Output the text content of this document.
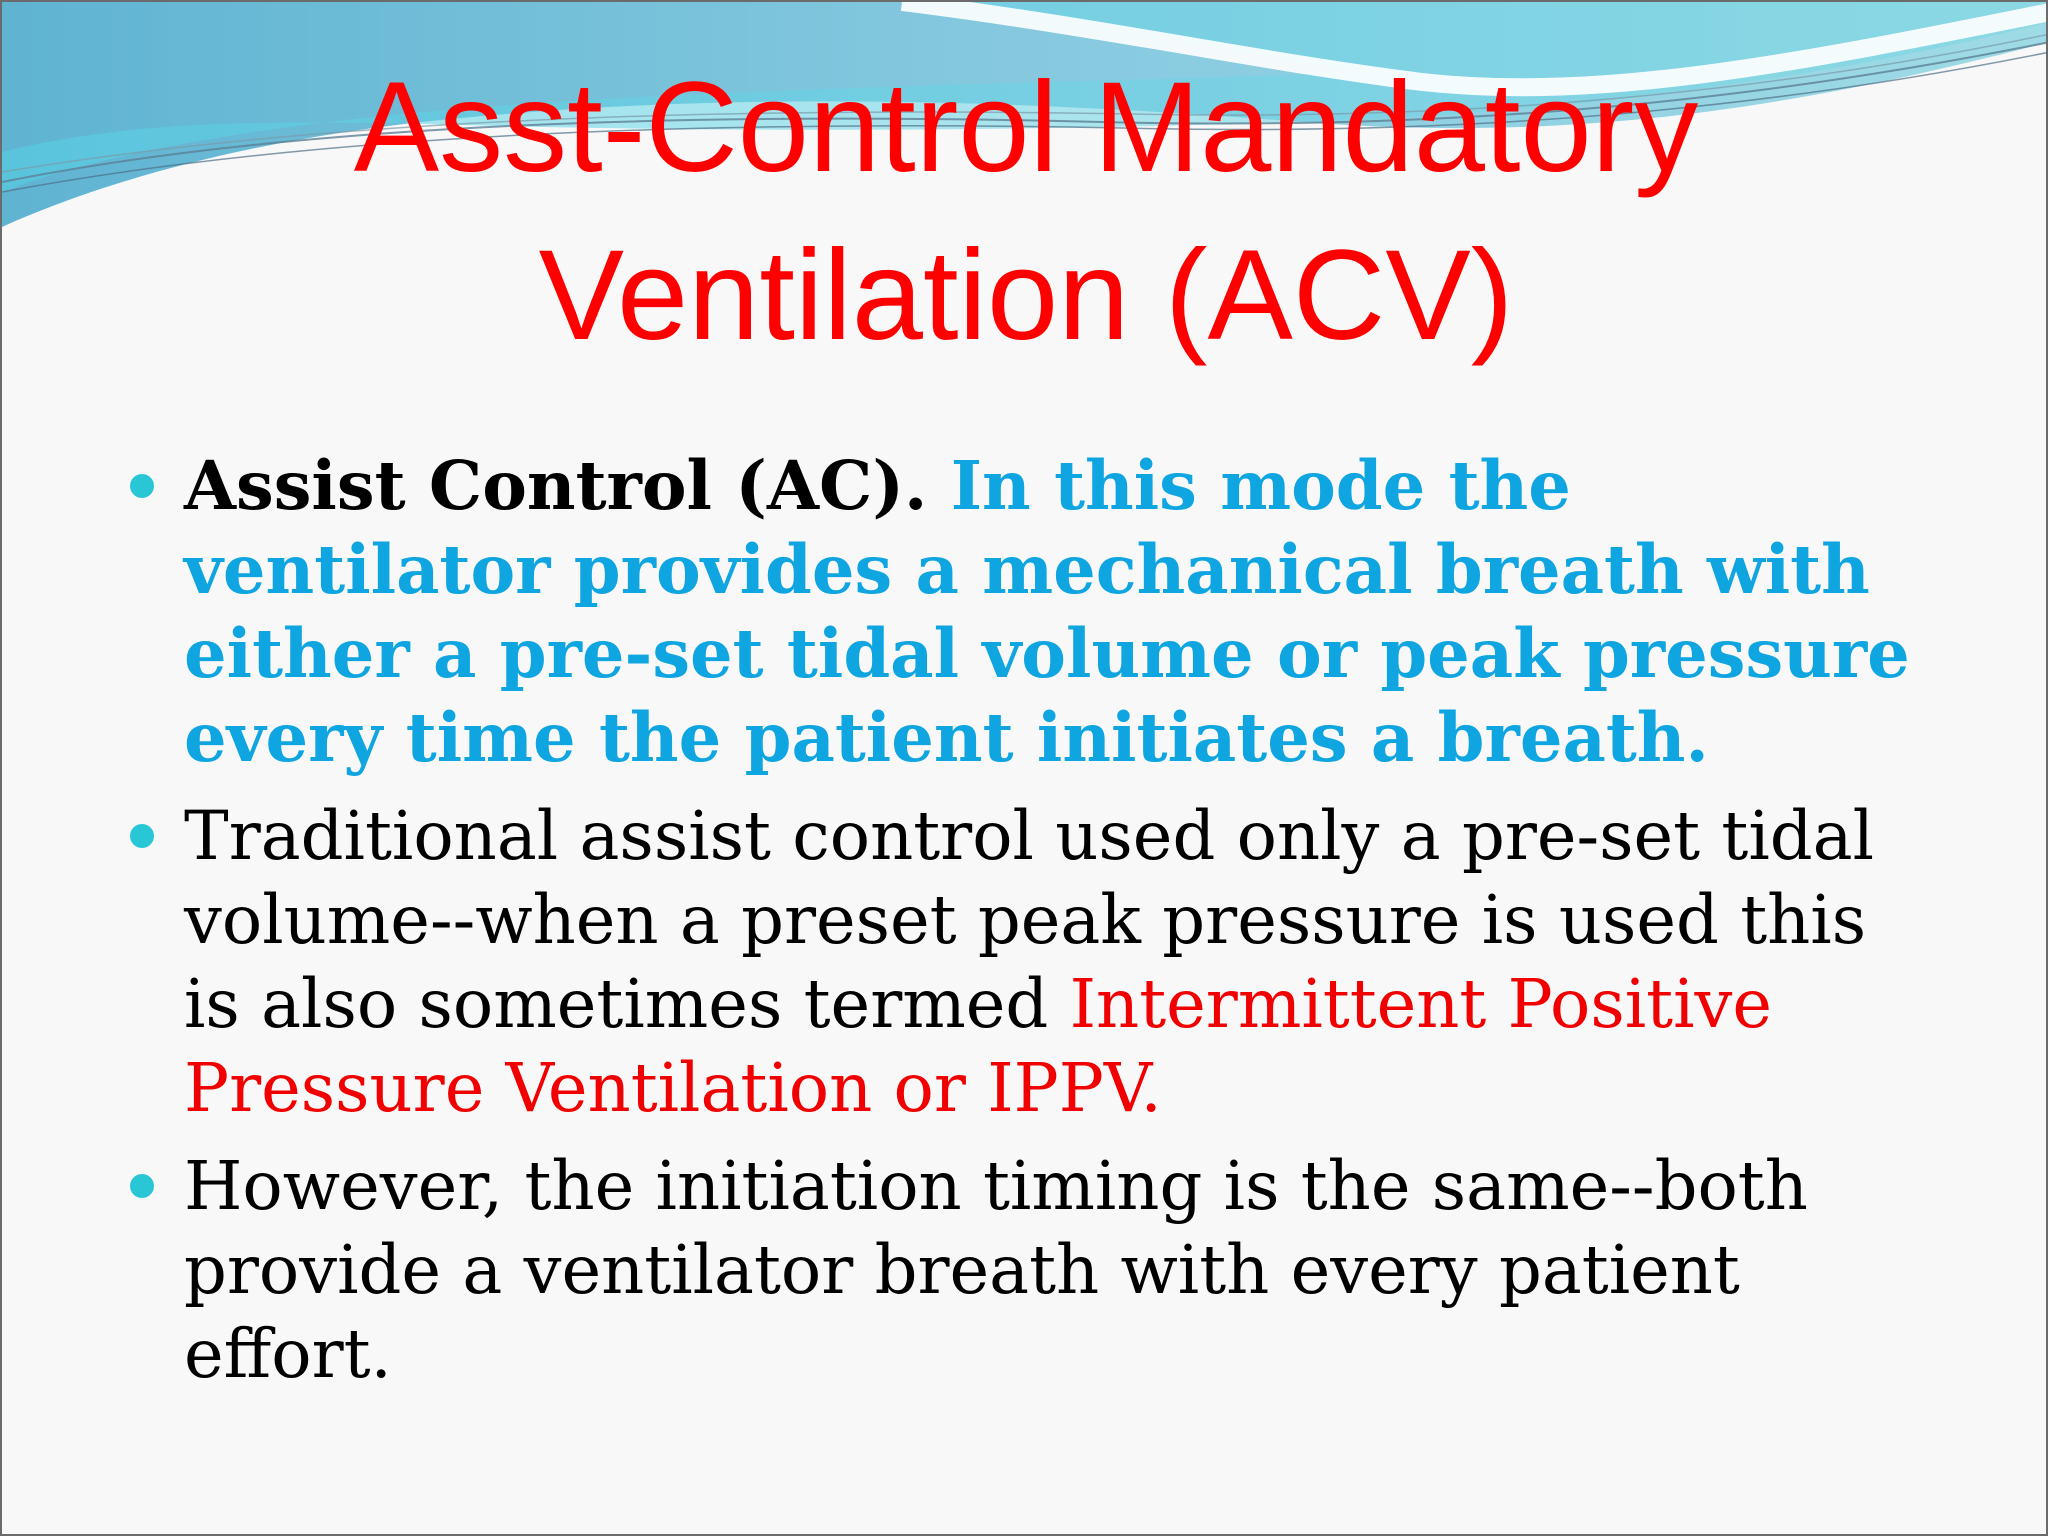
Asst-Control Mandatory
Ventilation (ACV)
Assist Control (AC). In this mode the ventilator provides a mechanical breath with either a pre-set tidal volume or peak pressure every time the patient initiates a breath.
Traditional assist control used only a pre-set tidal volume--when a preset peak pressure is used this is also sometimes termed Intermittent Positive Pressure Ventilation or IPPV.
However, the initiation timing is the same--both provide a ventilator breath with every patient effort.
